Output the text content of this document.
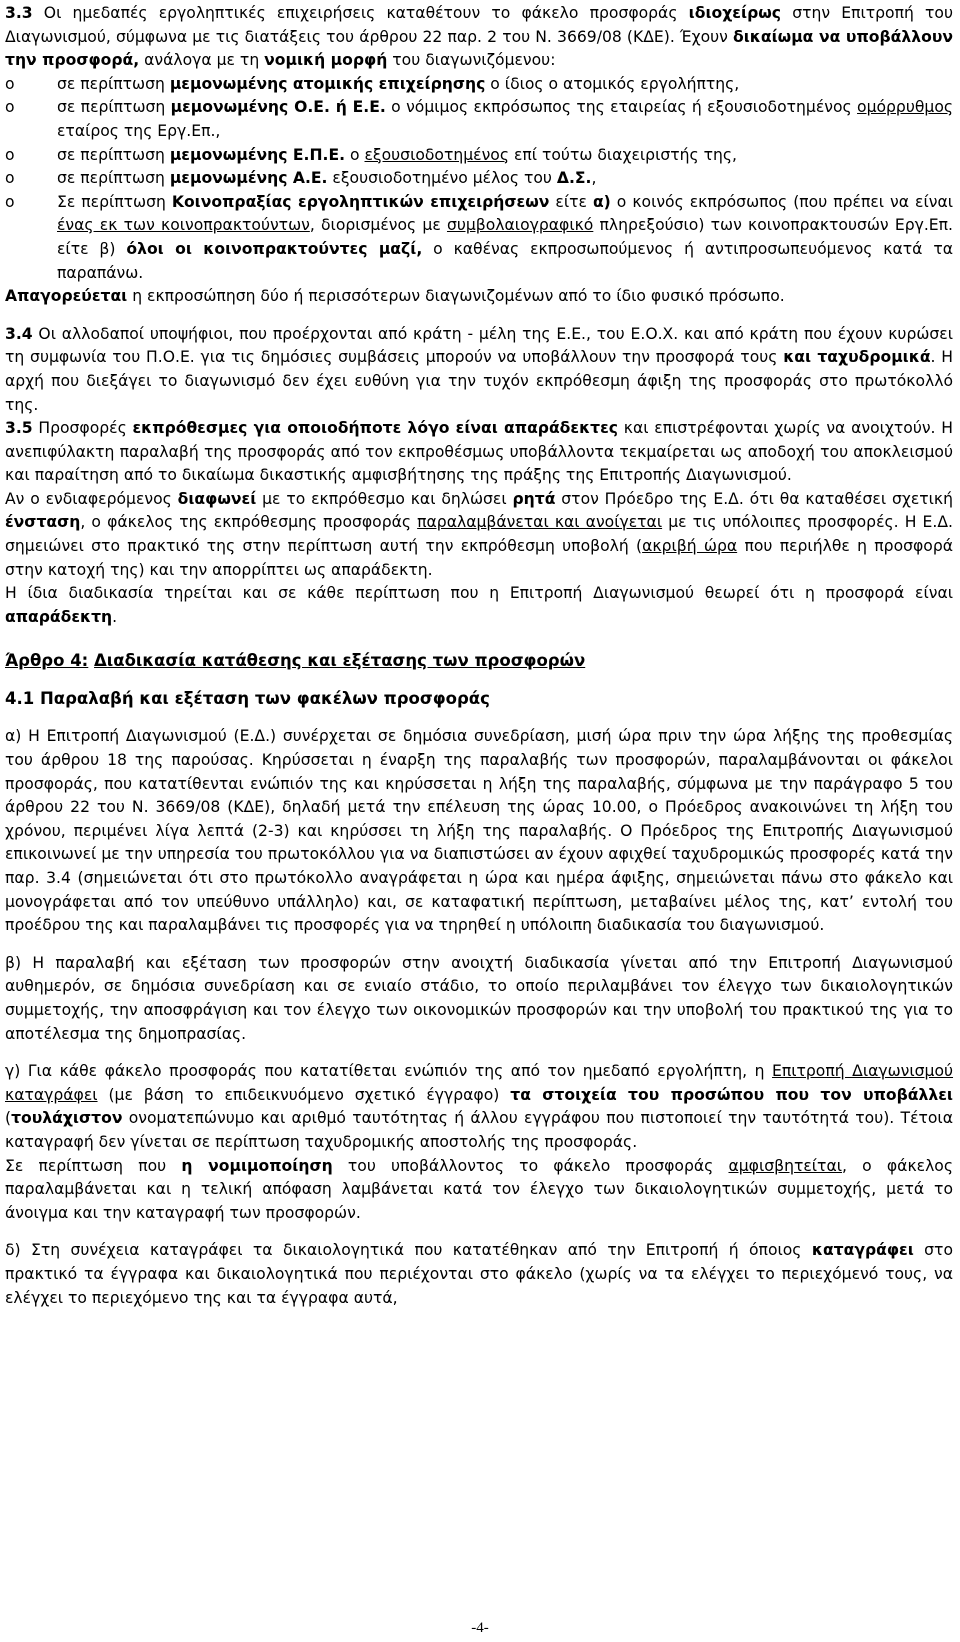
3.3 Οι ημεδαπές εργοληπτικές επιχειρήσεις καταθέτουν το φάκελο προσφοράς ιδιοχείρως στην Επιτροπή του Διαγωνισμού, σύμφωνα με τις διατάξεις του άρθρου 22 παρ. 2 του Ν. 3669/08 (ΚΔΕ). Έχουν δικαίωμα να υποβάλλουν την προσφορά, ανάλογα με τη νομική μορφή του διαγωνιζόμενου:

o	σε περίπτωση μεμονωμένης ατομικής επιχείρησης ο ίδιος ο ατομικός εργολήπτης,
o	σε περίπτωση μεμονωμένης Ο.Ε. ή Ε.Ε. ο νόμιμος εκπρόσωπος της εταιρείας ή εξουσιοδοτημένος ομόρρυθμος εταίρος της Εργ.Επ.,
o	σε περίπτωση μεμονωμένης Ε.Π.Ε. ο εξουσιοδοτημένος επί τούτω διαχειριστής της,
o	σε περίπτωση μεμονωμένης Α.Ε. εξουσιοδοτημένο μέλος του Δ.Σ.,
o	Σε περίπτωση Κοινοπραξίας εργοληπτικών επιχειρήσεων είτε α) ο κοινός εκπρόσωπος (που πρέπει να είναι ένας εκ των κοινοπρακτούντων, διορισμένος με συμβολαιογραφικό πληρεξούσιο) των κοινοπρακτουσών Εργ.Επ. είτε β) όλοι οι κοινοπρακτούντες μαζί, ο καθένας εκπροσωπούμενος ή αντιπροσωπευόμενος κατά τα παραπάνω.

Απαγορεύεται η εκπροσώπηση δύο ή περισσότερων διαγωνιζομένων από το ίδιο φυσικό πρόσωπο.

3.4 Οι αλλοδαποί υποψήφιοι, που προέρχονται από κράτη - μέλη της Ε.Ε., του Ε.Ο.Χ. και από κράτη που έχουν κυρώσει τη συμφωνία του Π.Ο.Ε. για τις δημόσιες συμβάσεις μπορούν να υποβάλλουν την προσφορά τους και ταχυδρομικά. Η αρχή που διεξάγει το διαγωνισμό δεν έχει ευθύνη για την τυχόν εκπρόθεσμη άφιξη της προσφοράς στο πρωτόκολλό της.

3.5 Προσφορές εκπρόθεσμες για οποιοδήποτε λόγο είναι απαράδεκτες και επιστρέφονται χωρίς να ανοιχτούν. Η ανεπιφύλακτη παραλαβή της προσφοράς από τον εκπροθέσμως υποβάλλοντα τεκμαίρεται ως αποδοχή του αποκλεισμού και παραίτηση από το δικαίωμα δικαστικής αμφισβήτησης της πράξης της Επιτροπής Διαγωνισμού.

Αν ο ενδιαφερόμενος διαφωνεί με το εκπρόθεσμο και δηλώσει ρητά στον Πρόεδρο της Ε.Δ. ότι θα καταθέσει σχετική ένσταση, ο φάκελος της εκπρόθεσμης προσφοράς παραλαμβάνεται και ανοίγεται με τις υπόλοιπες προσφορές. Η Ε.Δ. σημειώνει στο πρακτικό της στην περίπτωση αυτή την εκπρόθεσμη υποβολή (ακριβή ώρα που περιήλθε η προσφορά στην κατοχή της) και την απορρίπτει ως απαράδεκτη.

Η ίδια διαδικασία τηρείται και σε κάθε περίπτωση που η Επιτροπή Διαγωνισμού θεωρεί ότι η προσφορά είναι απαράδεκτη.

Άρθρο 4: Διαδικασία κατάθεσης και εξέτασης των προσφορών
4.1 Παραλαβή και εξέταση των φακέλων προσφοράς

α) Η Επιτροπή Διαγωνισμού (Ε.Δ.) συνέρχεται σε δημόσια συνεδρίαση, μισή ώρα πριν την ώρα λήξης της προθεσμίας του άρθρου 18 της παρούσας. Κηρύσσεται η έναρξη της παραλαβής των προσφορών, παραλαμβάνονται οι φάκελοι προσφοράς, που κατατίθενται ενώπιόν της και κηρύσσεται η λήξη της παραλαβής, σύμφωνα με την παράγραφο 5 του άρθρου 22 του Ν. 3669/08 (ΚΔΕ), δηλαδή μετά την επέλευση της ώρας 10.00, ο Πρόεδρος ανακοινώνει τη λήξη του χρόνου, περιμένει λίγα λεπτά (2-3) και κηρύσσει τη λήξη της παραλαβής. Ο Πρόεδρος της Επιτροπής Διαγωνισμού επικοινωνεί με την υπηρεσία του πρωτοκόλλου για να διαπιστώσει αν έχουν αφιχθεί ταχυδρομικώς προσφορές κατά την παρ. 3.4 (σημειώνεται ότι στο πρωτόκολλο αναγράφεται η ώρα και ημέρα άφιξης, σημειώνεται πάνω στο φάκελο και μονογράφεται από τον υπεύθυνο υπάλληλο) και, σε καταφατική περίπτωση, μεταβαίνει μέλος της, κατ’ εντολή του προέδρου της και παραλαμβάνει τις προσφορές για να τηρηθεί η υπόλοιπη διαδικασία του διαγωνισμού.

β) Η παραλαβή και εξέταση των προσφορών στην ανοιχτή διαδικασία γίνεται από την Επιτροπή Διαγωνισμού αυθημερόν, σε δημόσια συνεδρίαση και σε ενιαίο στάδιο, το οποίο περιλαμβάνει τον έλεγχο των δικαιολογητικών συμμετοχής, την αποσφράγιση και τον έλεγχο των οικονομικών προσφορών και την υποβολή του πρακτικού της για το αποτέλεσμα της δημοπρασίας.

γ) Για κάθε φάκελο προσφοράς που κατατίθεται ενώπιόν της από τον ημεδαπό εργολήπτη, η Επιτροπή Διαγωνισμού καταγράφει (με βάση το επιδεικνυόμενο σχετικό έγγραφο) τα στοιχεία του προσώπου που τον υποβάλλει (τουλάχιστον ονοματεπώνυμο και αριθμό ταυτότητας ή άλλου εγγράφου που πιστοποιεί την ταυτότητά του). Τέτοια καταγραφή δεν γίνεται σε περίπτωση ταχυδρομικής αποστολής της προσφοράς.

Σε περίπτωση που η νομιμοποίηση του υποβάλλοντος το φάκελο προσφοράς αμφισβητείται, ο φάκελος παραλαμβάνεται και η τελική απόφαση λαμβάνεται κατά τον έλεγχο των δικαιολογητικών συμμετοχής, μετά το άνοιγμα και την καταγραφή των προσφορών.

δ) Στη συνέχεια καταγράφει τα δικαιολογητικά που κατατέθηκαν από την Επιτροπή ή όποιος καταγράφει στο πρακτικό τα έγγραφα και δικαιολογητικά που περιέχονται στο φάκελο (χωρίς να τα ελέγχει το περιεχόμενό τους, να ελέγχει το περιεχόμενο της και τα έγγραφα αυτά,

-4-
